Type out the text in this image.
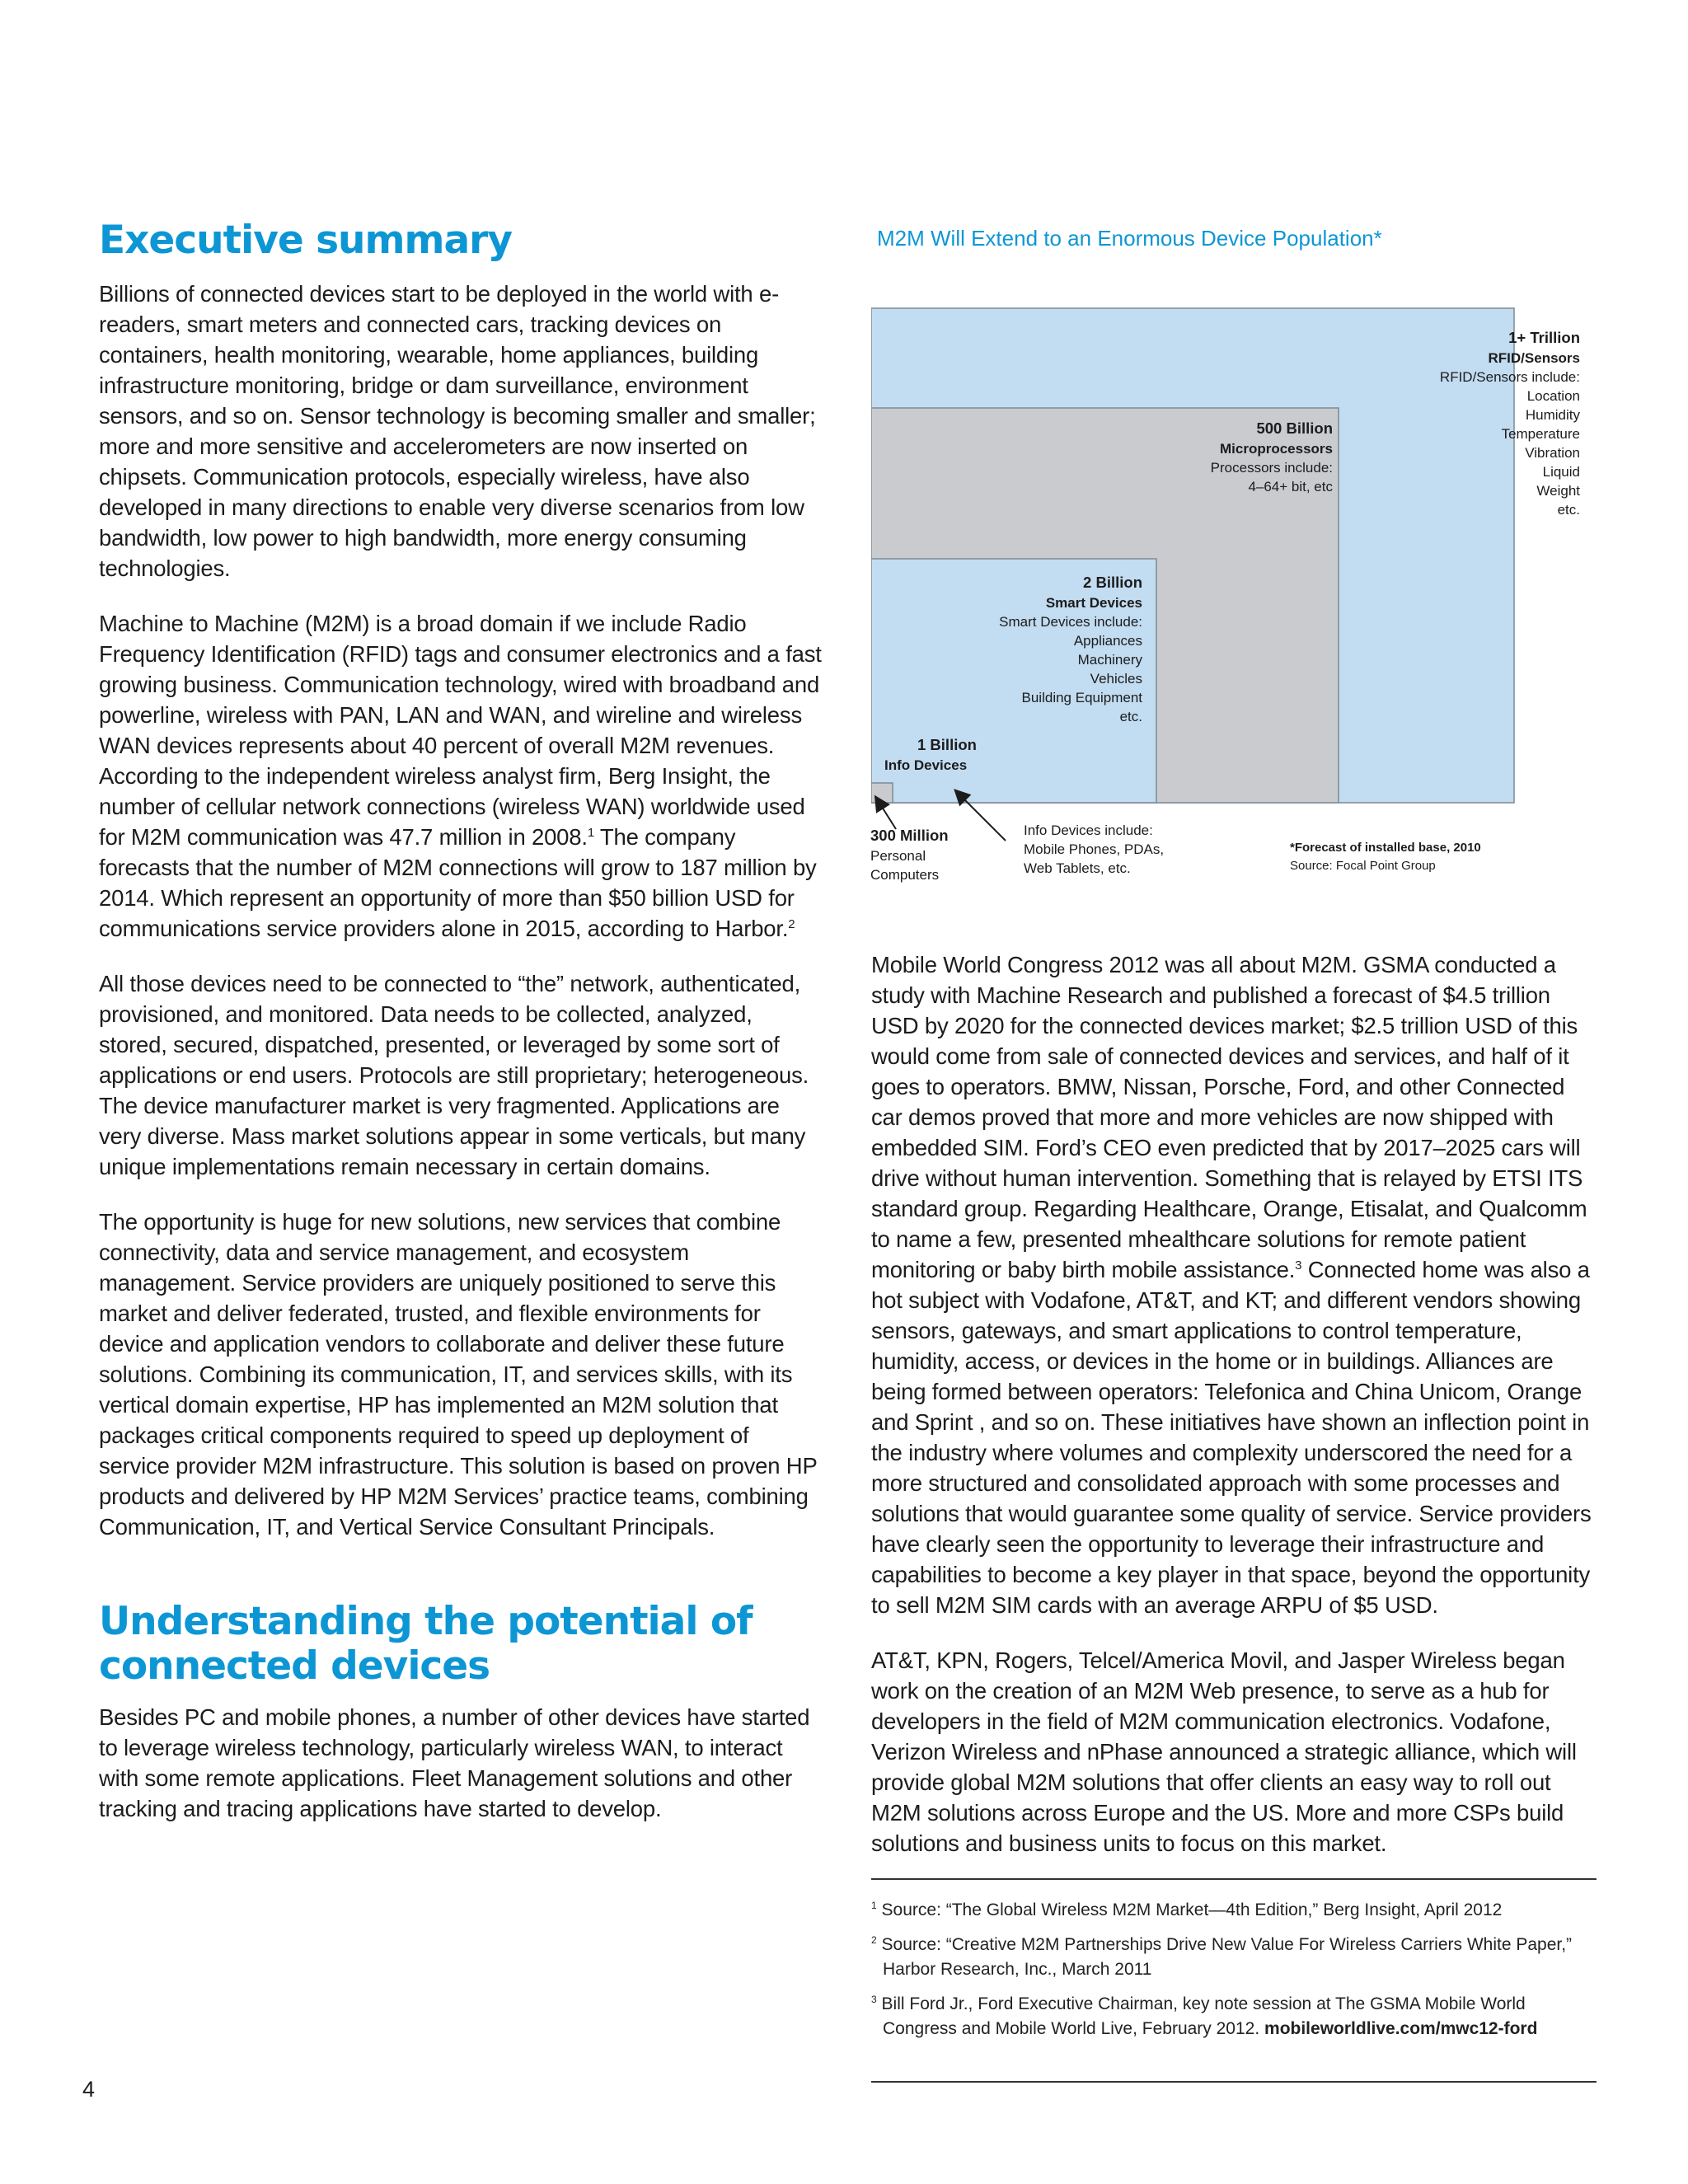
Executive summary

Billions of connected devices start to be deployed in the world with e-readers, smart meters and connected cars, tracking devices on containers, health monitoring, wearable, home appliances, building infrastructure monitoring, bridge or dam surveillance, environment sensors, and so on. Sensor technology is becoming smaller and smaller; more and more sensitive and accelerometers are now inserted on chipsets. Communication protocols, especially wireless, have also developed in many directions to enable very diverse scenarios from low bandwidth, low power to high bandwidth, more energy consuming technologies.

Machine to Machine (M2M) is a broad domain if we include Radio Frequency Identification (RFID) tags and consumer electronics and a fast growing business. Communication technology, wired with broadband and powerline, wireless with PAN, LAN and WAN, and wireline and wireless WAN devices represents about 40 percent of overall M2M revenues. According to the independent wireless analyst firm, Berg Insight, the number of cellular network connections (wireless WAN) worldwide used for M2M communication was 47.7 million in 2008.$^1$ The company forecasts that the number of M2M connections will grow to 187 million by 2014. Which represent an opportunity of more than $50 billion USD for communications service providers alone in 2015, according to Harbor.$^2$

All those devices need to be connected to “the” network, authenticated, provisioned, and monitored. Data needs to be collected, analyzed, stored, secured, dispatched, presented, or leveraged by some sort of applications or end users. Protocols are still proprietary; heterogeneous. The device manufacturer market is very fragmented. Applications are very diverse. Mass market solutions appear in some verticals, but many unique implementations remain necessary in certain domains.

The opportunity is huge for new solutions, new services that combine connectivity, data and service management, and ecosystem management. Service providers are uniquely positioned to serve this market and deliver federated, trusted, and flexible environments for device and application vendors to collaborate and deliver these future solutions. Combining its communication, IT, and services skills, with its vertical domain expertise, HP has implemented an M2M solution that packages critical components required to speed up deployment of service provider M2M infrastructure. This solution is based on proven HP products and delivered by HP M2M Services’ practice teams, combining Communication, IT, and Vertical Service Consultant Principals.

Understanding the potential of connected devices

Besides PC and mobile phones, a number of other devices have started to leverage wireless technology, particularly wireless WAN, to interact with some remote applications. Fleet Management solutions and other tracking and tracing applications have started to develop.

M2M Will Extend to an Enormous Device Population*
1+ Trillion
RFID/Sensors
RFID/Sensors include:
Location
Humidity
Temperature
Vibration
Liquid
Weight
etc.
500 Billion
Microprocessors
Processors include:
4–64+ bit, etc
2 Billion
Smart Devices
Smart Devices include:
Appliances
Machinery
Vehicles
Building Equipment
etc.
1 Billion
Info Devices
300 Million
Personal
Computers
Info Devices include:
Mobile Phones, PDAs,
Web Tablets, etc.
*Forecast of installed base, 2010
Source: Focal Point Group

Mobile World Congress 2012 was all about M2M. GSMA conducted a study with Machine Research and published a forecast of $4.5 trillion USD by 2020 for the connected devices market; $2.5 trillion USD of this would come from sale of connected devices and services, and half of it goes to operators. BMW, Nissan, Porsche, Ford, and other Connected car demos proved that more and more vehicles are now shipped with embedded SIM. Ford’s CEO even predicted that by 2017–2025 cars will drive without human intervention. Something that is relayed by ETSI ITS standard group. Regarding Healthcare, Orange, Etisalat, and Qualcomm to name a few, presented mhealthcare solutions for remote patient monitoring or baby birth mobile assistance.$^3$ Connected home was also a hot subject with Vodafone, AT&T, and KT; and different vendors showing sensors, gateways, and smart applications to control temperature, humidity, access, or devices in the home or in buildings. Alliances are being formed between operators: Telefonica and China Unicom, Orange and Sprint , and so on. These initiatives have shown an inflection point in the industry where volumes and complexity underscored the need for a more structured and consolidated approach with some processes and solutions that would guarantee some quality of service. Service providers have clearly seen the opportunity to leverage their infrastructure and capabilities to become a key player in that space, beyond the opportunity to sell M2M SIM cards with an average ARPU of $5 USD.

AT&T, KPN, Rogers, Telcel/America Movil, and Jasper Wireless began work on the creation of an M2M Web presence, to serve as a hub for developers in the field of M2M communication electronics. Vodafone, Verizon Wireless and nPhase announced a strategic alliance, which will provide global M2M solutions that offer clients an easy way to roll out M2M solutions across Europe and the US. More and more CSPs build solutions and business units to focus on this market.

$^1$ Source: “The Global Wireless M2M Market—4th Edition,” Berg Insight, April 2012

$^2$ Source: “Creative M2M Partnerships Drive New Value For Wireless Carriers White Paper,” Harbor Research, Inc., March 2011

$^3$ Bill Ford Jr., Ford Executive Chairman, key note session at The GSMA Mobile World Congress and Mobile World Live, February 2012. mobileworldlive.com/mwc12-ford

4
